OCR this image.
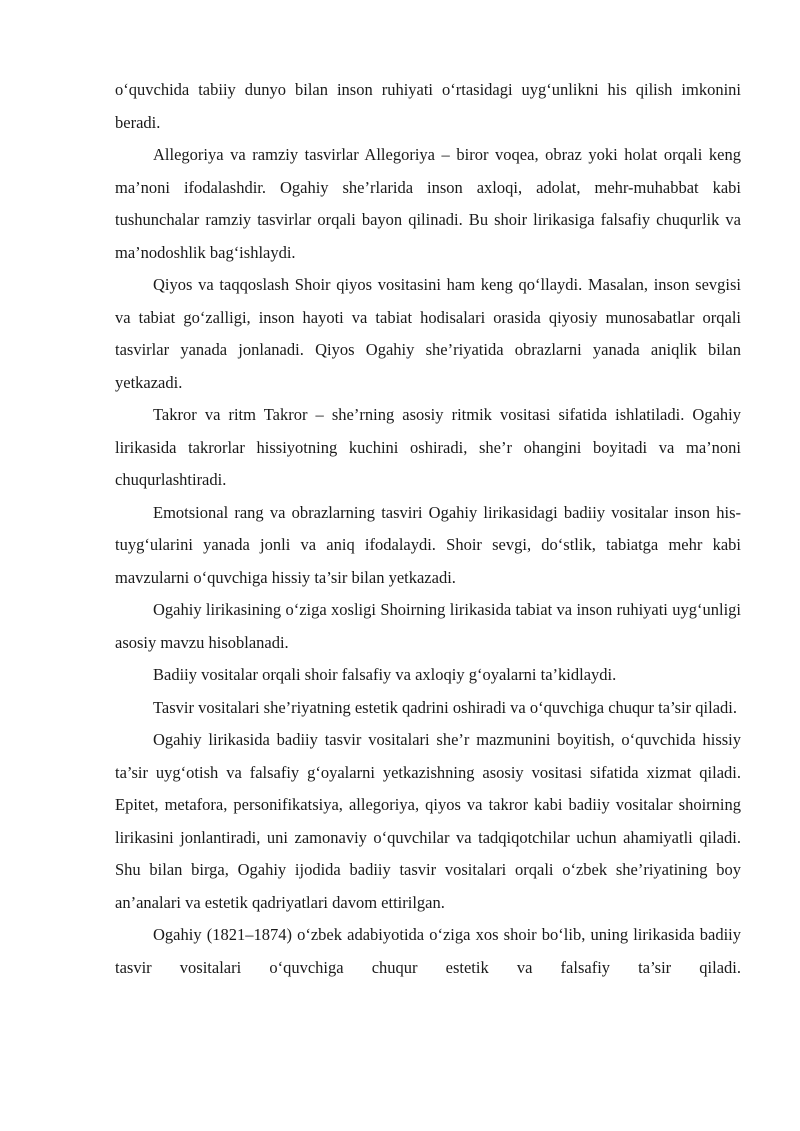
o‘quvchida tabiiy dunyo bilan inson ruhiyati o‘rtasidagi uyg‘unlikni his qilish imkonini beradi.

Allegoriya va ramziy tasvirlar Allegoriya – biror voqea, obraz yoki holat orqali keng ma’noni ifodalashdir. Ogahiy she’rlarida inson axloqi, adolat, mehr-muhabbat kabi tushunchalar ramziy tasvirlar orqali bayon qilinadi. Bu shoir lirikasiga falsafiy chuqurlik va ma’nodoshlik bag‘ishlaydi.

Qiyos va taqqoslash Shoir qiyos vositasini ham keng qo‘llaydi. Masalan, inson sevgisi va tabiat go‘zalligi, inson hayoti va tabiat hodisalari orasida qiyosiy munosabatlar orqali tasvirlar yanada jonlanadi. Qiyos Ogahiy she’riyatida obrazlarni yanada aniqlik bilan yetkazadi.

Takror va ritm Takror – she’rning asosiy ritmik vositasi sifatida ishlatiladi. Ogahiy lirikasida takrorlar hissiyotning kuchini oshiradi, she’r ohangini boyitadi va ma’noni chuqurlashtiradi.

Emotsional rang va obrazlarning tasviri Ogahiy lirikasidagi badiiy vositalar inson his-tuyg‘ularini yanada jonli va aniq ifodalaydi. Shoir sevgi, do‘stlik, tabiatga mehr kabi mavzularni o‘quvchiga hissiy ta’sir bilan yetkazadi.

Ogahiy lirikasining o‘ziga xosligi Shoirning lirikasida tabiat va inson ruhiyati uyg‘unligi asosiy mavzu hisoblanadi.

Badiiy vositalar orqali shoir falsafiy va axloqiy g‘oyalarni ta’kidlaydi.

Tasvir vositalari she’riyatning estetik qadrini oshiradi va o‘quvchiga chuqur ta’sir qiladi.

Ogahiy lirikasida badiiy tasvir vositalari she’r mazmunini boyitish, o‘quvchida hissiy ta’sir uyg‘otish va falsafiy g‘oyalarni yetkazishning asosiy vositasi sifatida xizmat qiladi. Epitet, metafora, personifikatsiya, allegoriya, qiyos va takror kabi badiiy vositalar shoirning lirikasini jonlantiradi, uni zamonaviy o‘quvchilar va tadqiqotchilar uchun ahamiyatli qiladi. Shu bilan birga, Ogahiy ijodida badiiy tasvir vositalari orqali o‘zbek she’riyatining boy an’analari va estetik qadriyatlari davom ettirilgan.

Ogahiy (1821–1874) o‘zbek adabiyotida o‘ziga xos shoir bo‘lib, uning lirikasida badiiy tasvir vositalari o‘quvchiga chuqur estetik va falsafiy ta’sir qiladi.
